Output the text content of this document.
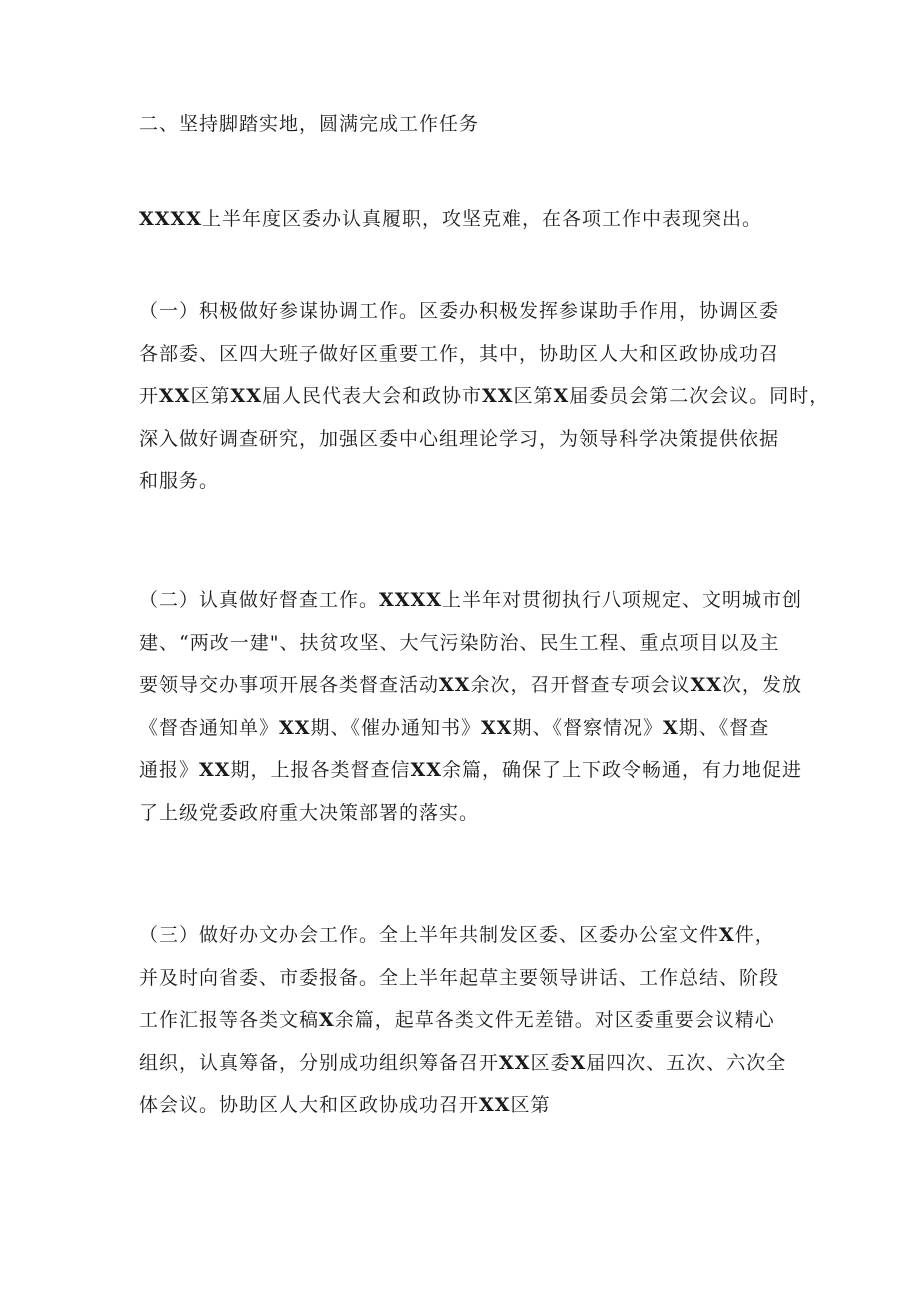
二、坚持脚踏实地，圆满完成工作任务
XXXX上半年度区委办认真履职，攻坚克难，在各项工作中表现突出。
（一）积极做好参谋协调工作。区委办积极发挥参谋助手作用，协调区委
各部委、区四大班子做好区重要工作，其中，协助区人大和区政协成功召
开XX区第XX届人民代表大会和政协市XX区第X届委员会第二次会议。同时，
深入做好调查研究，加强区委中心组理论学习，为领导科学决策提供依据
和服务。
（二）认真做好督查工作。XXXX上半年对贯彻执行八项规定、文明城市创
建、“两改一建"、扶贫攻坚、大气污染防治、民生工程、重点项目以及主
要领导交办事项开展各类督查活动XX余次，召开督查专项会议XX次，发放
《督杳通知单》XX期、《催办通知书》XX期、《督察情况》X期、《督查
通报》XX期，上报各类督查信XX余篇，确保了上下政令畅通，有力地促进
了上级党委政府重大决策部署的落实。
（三）做好办文办会工作。全上半年共制发区委、区委办公室文件X件，
并及时向省委、市委报备。全上半年起草主要领导讲话、工作总结、阶段
工作汇报等各类文稿X余篇，起草各类文件无差错。对区委重要会议精心
组织，认真筹备，分别成功组织筹备召开XX区委X届四次、五次、六次全
体会议。协助区人大和区政协成功召开XX区第
